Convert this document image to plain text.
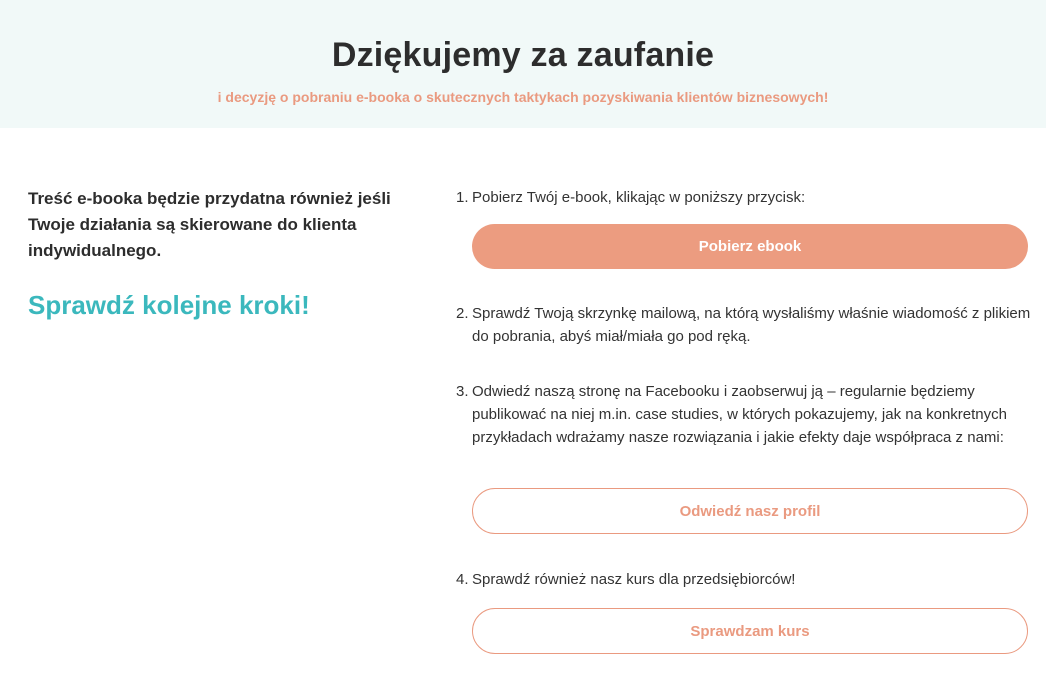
Dziękujemy za zaufanie

i decyzję o pobraniu e-booka o skutecznych taktykach pozyskiwania klientów biznesowych!

Treść e-booka będzie przydatna również jeśli Twoje działania są skierowane do klienta indywidualnego.

Sprawdź kolejne kroki!

1. Pobierz Twój e-book, klikając w poniższy przycisk:

Pobierz ebook
2. Sprawdź Twoją skrzynkę mailową, na którą wysłaliśmy właśnie wiadomość z plikiem do pobrania, abyś miał/miała go pod ręką.

3. Odwiedź naszą stronę na Facebooku i zaobserwuj ją – regularnie będziemy publikować na niej m.in. case studies, w których pokazujemy, jak na konkretnych przykładach wdrażamy nasze rozwiązania i jakie efekty daje współpraca z nami:

Odwiedź nasz profil
4. Sprawdź również nasz kurs dla przedsiębiorców!

Sprawdzam kurs
